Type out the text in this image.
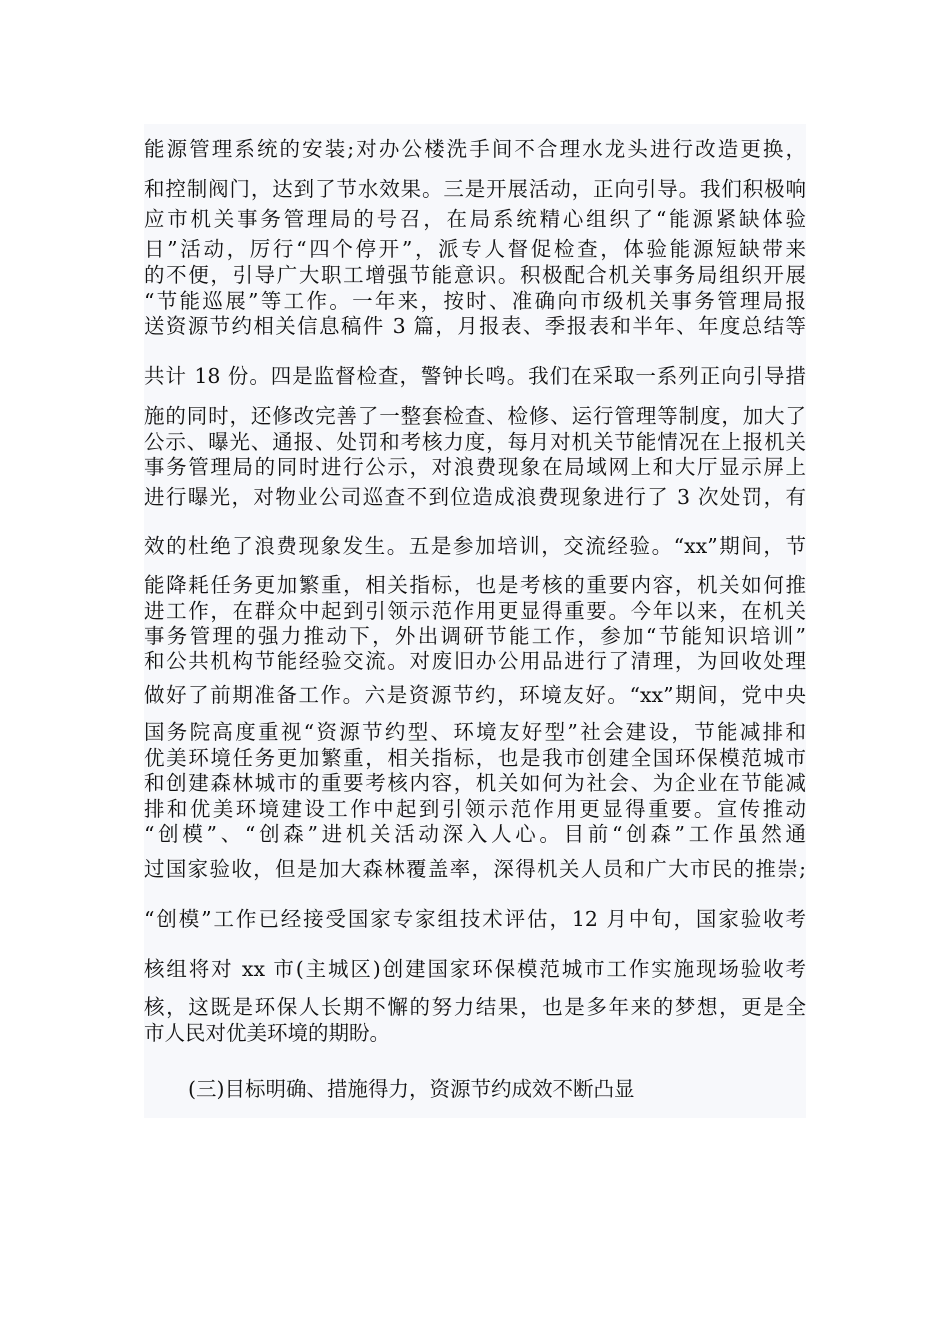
能源管理系统的安装;对办公楼洗手间不合理水龙头进行改造更换，
和控制阀门，达到了节水效果。三是开展活动，正向引导。我们积极响
应市机关事务管理局的号召，在局系统精心组织了“能源紧缺体验
日”活动，厉行“四个停开”，派专人督促检查，体验能源短缺带来
的不便，引导广大职工增强节能意识。积极配合机关事务局组织开展
“节能巡展”等工作。一年来，按时、准确向市级机关事务管理局报
送资源节约相关信息稿件 3 篇，月报表、季报表和半年、年度总结等
共计 18 份。四是监督检查，警钟长鸣。我们在采取一系列正向引导措
施的同时，还修改完善了一整套检查、检修、运行管理等制度，加大了
公示、曝光、通报、处罚和考核力度，每月对机关节能情况在上报机关
事务管理局的同时进行公示，对浪费现象在局域网上和大厅显示屏上
进行曝光，对物业公司巡查不到位造成浪费现象进行了 3 次处罚，有
效的杜绝了浪费现象发生。五是参加培训，交流经验。“xx”期间，节
能降耗任务更加繁重，相关指标，也是考核的重要内容，机关如何推
进工作，在群众中起到引领示范作用更显得重要。今年以来，在机关
事务管理的强力推动下，外出调研节能工作，参加“节能知识培训”
和公共机构节能经验交流。对废旧办公用品进行了清理，为回收处理
做好了前期准备工作。六是资源节约，环境友好。“xx”期间，党中央
国务院高度重视“资源节约型、环境友好型”社会建设，节能减排和
优美环境任务更加繁重，相关指标，也是我市创建全国环保模范城市
和创建森林城市的重要考核内容，机关如何为社会、为企业在节能减
排和优美环境建设工作中起到引领示范作用更显得重要。宣传推动
“创模”、“创森”进机关活动深入人心。目前“创森”工作虽然通
过国家验收，但是加大森林覆盖率，深得机关人员和广大市民的推崇;
“创模”工作已经接受国家专家组技术评估，12 月中旬，国家验收考
核组将对 xx 市(主城区)创建国家环保模范城市工作实施现场验收考
核，这既是环保人长期不懈的努力结果，也是多年来的梦想，更是全
市人民对优美环境的期盼。
(三)目标明确、措施得力，资源节约成效不断凸显
